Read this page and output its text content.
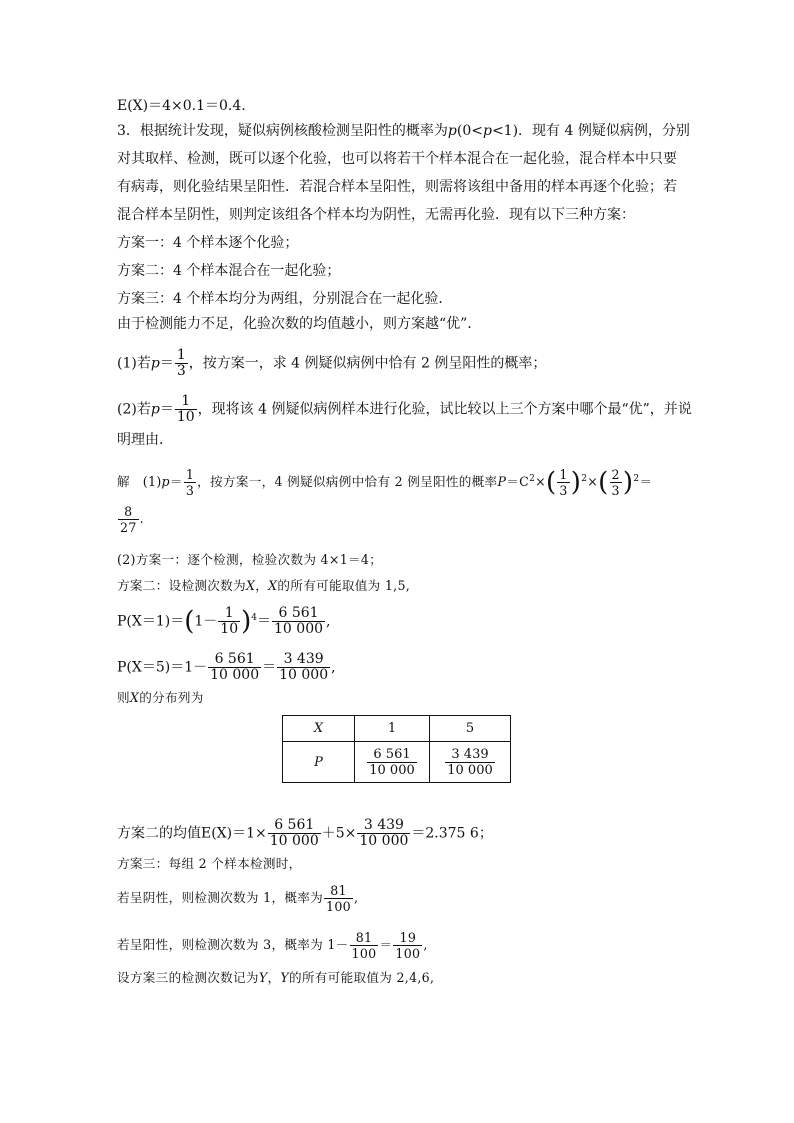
E(X)＝4×0.1＝0.4.
3．根据统计发现，疑似病例核酸检测呈阳性的概率为p(0<p<1)．现有 4 例疑似病例，分别
对其取样、检测，既可以逐个化验，也可以将若干个样本混合在一起化验，混合样本中只要
有病毒，则化验结果呈阳性．若混合样本呈阳性，则需将该组中备用的样本再逐个化验；若
混合样本呈阴性，则判定该组各个样本均为阴性，无需再化验．现有以下三种方案：
方案一：4 个样本逐个化验；
方案二：4 个样本混合在一起化验；
方案三：4 个样本均分为两组，分别混合在一起化验．
由于检测能力不足，化验次数的均值越小，则方案越“优”．
(1)若$p= \frac{1}{3}$ ，按方案一，求 4 例疑似病例中恰有 2 例呈阳性的概率；
(2)若$p= \frac{1}{10}$ ，现将该 4 例疑似病例样本进行化验，试比较以上三个方案中哪个最“优”，并说
明理由．
解　$(1)p= \frac{1}{3}$ ，按方案一，4 例疑似病例中恰有 2 例呈阳性的概率$P=C^2\times( \frac{1}{3} )^2\times( \frac{2}{3} )^2=$
$\frac{8}{27}$ .
(2)方案一：逐个检测，检验次数为 4×1＝4；
方案二：设检测次数为X，X的所有可能取值为 1,5,
$P(X=1)=(1- \frac{1}{10} )^4= \frac{6 561}{10 000}$ ,
$P(X=5)=1- \frac{6 561}{10 000} = \frac{3 439}{10 000}$ ,
则X的分布列为
X	1	5
P	$\frac{6 561}{10 000}$	$\frac{3 439}{10 000}$
方案二的均值$E(X)=1\times \frac{6 561}{10 000} +5\times \frac{3 439}{10 000} =2.375$ 6；
方案三：每组 2 个样本检测时，
若呈阴性，则检测次数为 1，概率为 $\frac{81}{100}$ ,
若呈阳性，则检测次数为 3，概率为 $1- \frac{81}{100} = \frac{19}{100}$ ,
设方案三的检测次数记为Y，Y的所有可能取值为 2,4,6,
